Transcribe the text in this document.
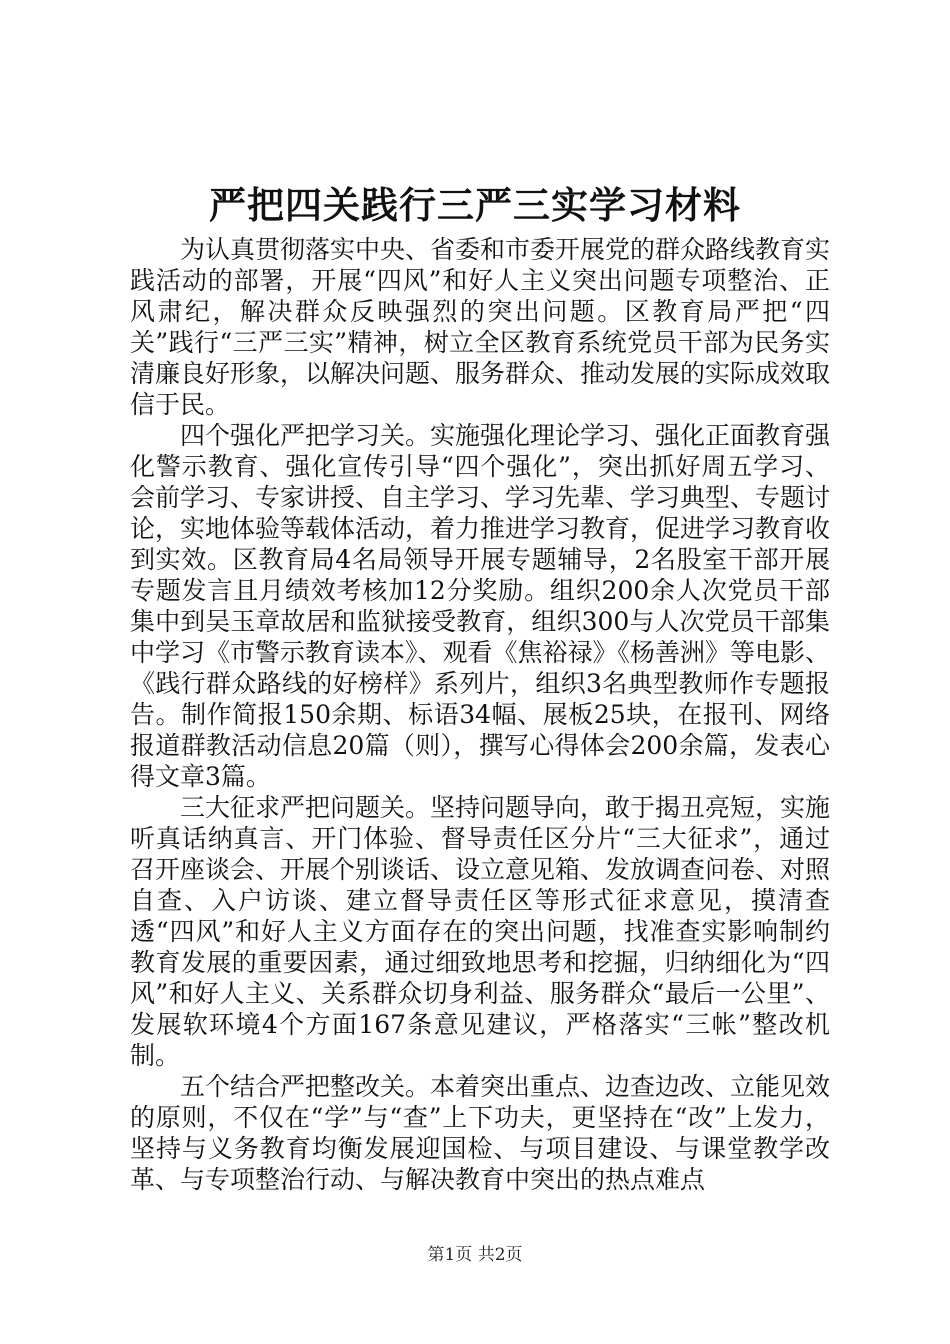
严把四关践行三严三实学习材料

为认真贯彻落实中央、省委和市委开展党的群众路线教育实践活动的部署，开展“四风”和好人主义突出问题专项整治、正风肃纪，解决群众反映强烈的突出问题。区教育局严把“四关”践行“三严三实”精神，树立全区教育系统党员干部为民务实清廉良好形象，以解决问题、服务群众、推动发展的实际成效取信于民。

四个强化严把学习关。实施强化理论学习、强化正面教育强化警示教育、强化宣传引导“四个强化”，突出抓好周五学习、会前学习、专家讲授、自主学习、学习先辈、学习典型、专题讨论，实地体验等载体活动，着力推进学习教育，促进学习教育收到实效。区教育局4名局领导开展专题辅导，2名股室干部开展专题发言且月绩效考核加12分奖励。组织200余人次党员干部集中到吴玉章故居和监狱接受教育，组织300与人次党员干部集中学习《市警示教育读本》、观看《焦裕禄》《杨善洲》等电影、《践行群众路线的好榜样》系列片，组织3名典型教师作专题报告。制作简报150余期、标语34幅、展板25块，在报刊、网络报道群教活动信息20篇（则），撰写心得体会200余篇，发表心得文章3篇。

三大征求严把问题关。坚持问题导向，敢于揭丑亮短，实施听真话纳真言、开门体验、督导责任区分片“三大征求”，通过召开座谈会、开展个别谈话、设立意见箱、发放调查问卷、对照自查、入户访谈、建立督导责任区等形式征求意见，摸清查透“四风”和好人主义方面存在的突出问题，找准查实影响制约教育发展的重要因素，通过细致地思考和挖掘，归纳细化为“四风”和好人主义、关系群众切身利益、服务群众“最后一公里”、发展软环境4个方面167条意见建议，严格落实“三帐”整改机制。

五个结合严把整改关。本着突出重点、边查边改、立能见效的原则，不仅在“学”与“查”上下功夫，更坚持在“改”上发力，坚持与义务教育均衡发展迎国检、与项目建设、与课堂教学改革、与专项整治行动、与解决教育中突出的热点难点

第1页 共2页
